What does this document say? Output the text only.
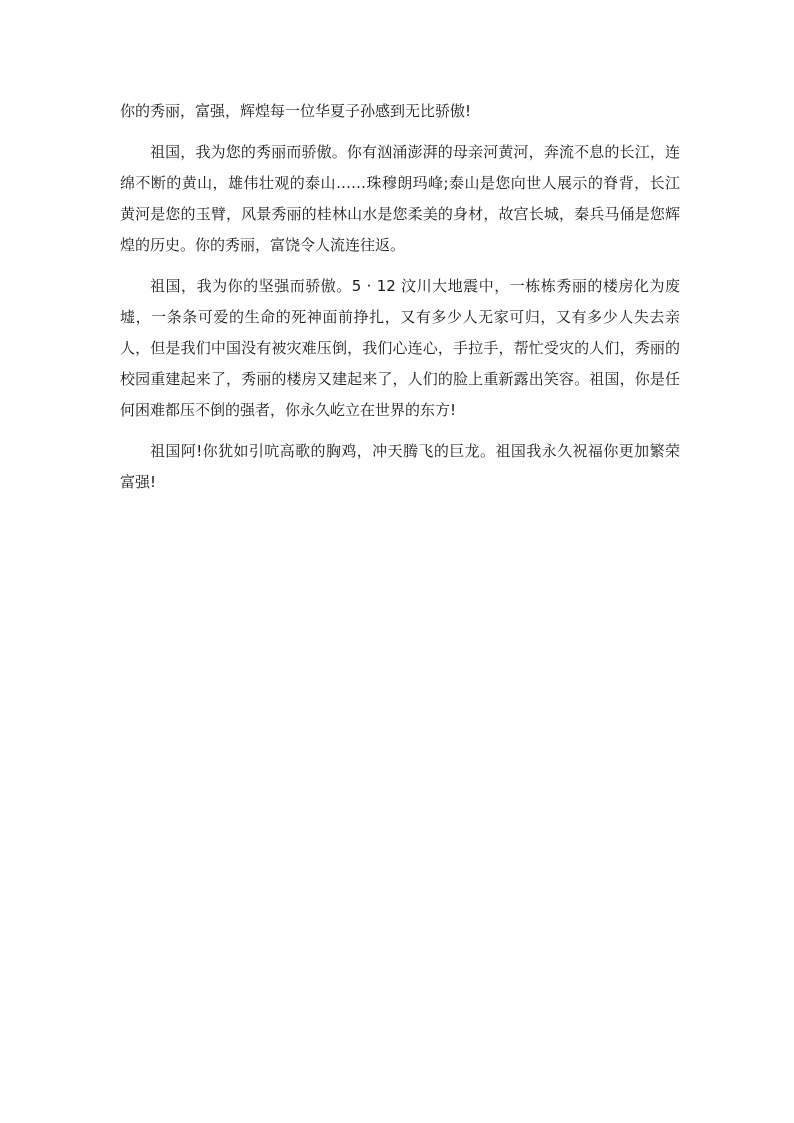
你的秀丽，富强，辉煌每一位华夏子孙感到无比骄傲!

祖国，我为您的秀丽而骄傲。你有汹涌澎湃的母亲河黄河，奔流不息的长江，连绵不断的黄山，雄伟壮观的泰山……珠穆朗玛峰;泰山是您向世人展示的脊背，长江黄河是您的玉臂，风景秀丽的桂林山水是您柔美的身材，故宫长城，秦兵马俑是您辉煌的历史。你的秀丽，富饶令人流连往返。

祖国，我为你的坚强而骄傲。5 · 12 汶川大地震中，一栋栋秀丽的楼房化为废墟，一条条可爱的生命的死神面前挣扎，又有多少人无家可归，又有多少人失去亲人，但是我们中国没有被灾难压倒，我们心连心，手拉手，帮忙受灾的人们，秀丽的校园重建起来了，秀丽的楼房又建起来了，人们的脸上重新露出笑容。祖国，你是任何困难都压不倒的强者，你永久屹立在世界的东方!

祖国阿!你犹如引吭高歌的胸鸡，冲天腾飞的巨龙。祖国我永久祝福你更加繁荣富强!
